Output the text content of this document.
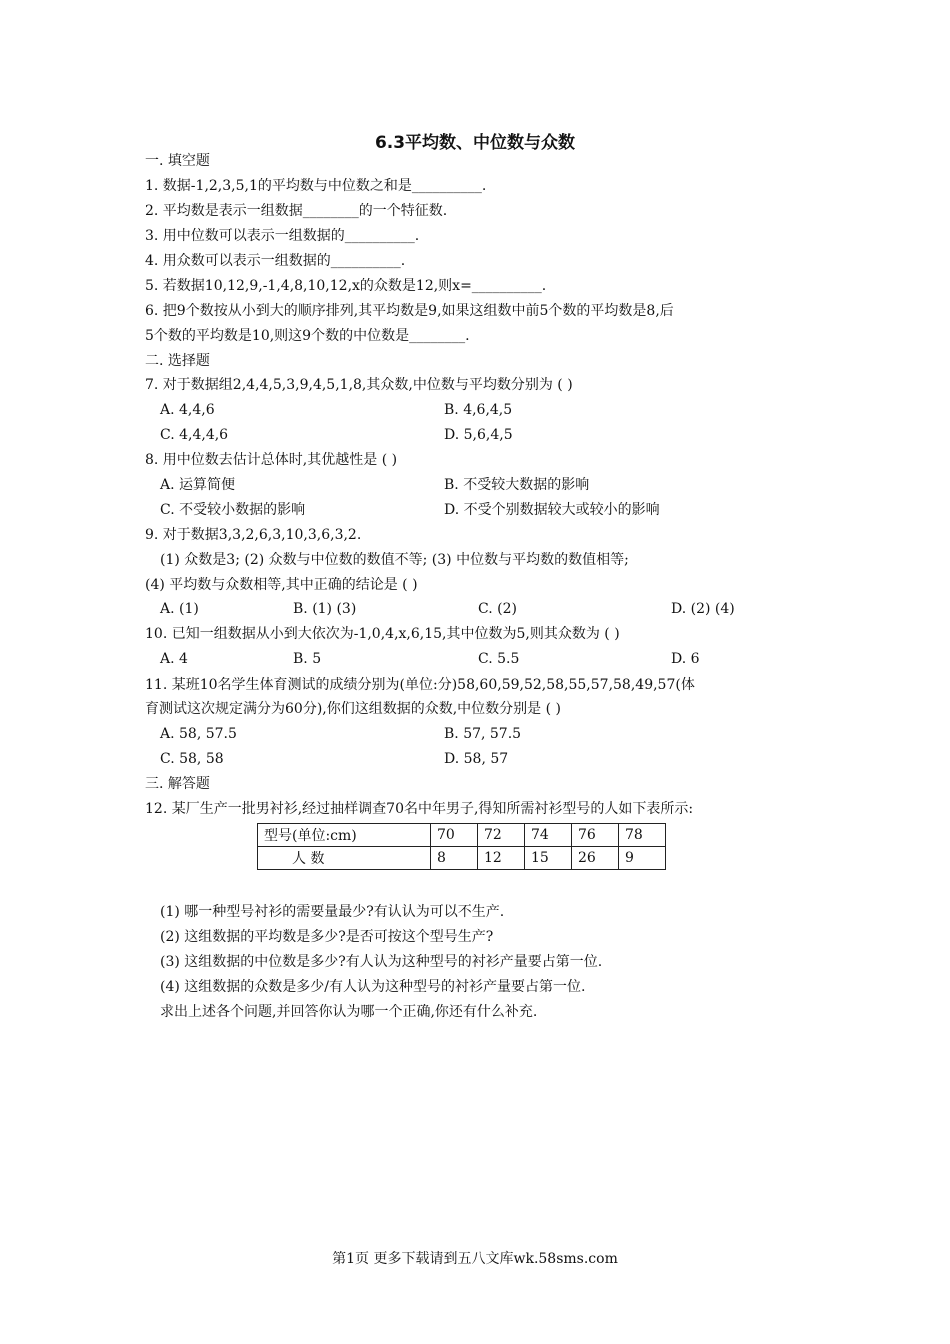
6.3平均数、中位数与众数
一. 填空题
1. 数据-1,2,3,5,1的平均数与中位数之和是__________.
2. 平均数是表示一组数据________的一个特征数.
3. 用中位数可以表示一组数据的__________.
4. 用众数可以表示一组数据的__________.
5. 若数据10,12,9,-1,4,8,10,12,x的众数是12,则x=__________.
6. 把9个数按从小到大的顺序排列,其平均数是9,如果这组数中前5个数的平均数是8,后
5个数的平均数是10,则这9个数的中位数是________.
二. 选择题
7. 对于数据组2,4,4,5,3,9,4,5,1,8,其众数,中位数与平均数分别为 ( )
A. 4,4,6	B. 4,6,4,5
C. 4,4,4,6	D. 5,6,4,5
8. 用中位数去估计总体时,其优越性是 ( )
A. 运算简便	B. 不受较大数据的影响
C. 不受较小数据的影响	D. 不受个别数据较大或较小的影响
9. 对于数据3,3,2,6,3,10,3,6,3,2.
(1) 众数是3; (2) 众数与中位数的数值不等; (3) 中位数与平均数的数值相等;
(4) 平均数与众数相等,其中正确的结论是 ( )
A. (1)	B. (1) (3)	C. (2)	D. (2) (4)
10. 已知一组数据从小到大依次为-1,0,4,x,6,15,其中位数为5,则其众数为 ( )
A. 4	B. 5	C. 5.5	D. 6
11. 某班10名学生体育测试的成绩分别为(单位:分)58,60,59,52,58,55,57,58,49,57(体
育测试这次规定满分为60分),你们这组数据的众数,中位数分别是 ( )
A. 58, 57.5	B. 57, 57.5
C. 58, 58	D. 58, 57
三. 解答题
12. 某厂生产一批男衬衫,经过抽样调查70名中年男子,得知所需衬衫型号的人如下表所示:
型号(单位:cm)	70	72	74	76	78
人 数	8	12	15	26	9
(1) 哪一种型号衬衫的需要量最少?有认认为可以不生产.
(2) 这组数据的平均数是多少?是否可按这个型号生产?
(3) 这组数据的中位数是多少?有人认为这种型号的衬衫产量要占第一位.
(4) 这组数据的众数是多少/有人认为这种型号的衬衫产量要占第一位.
求出上述各个问题,并回答你认为哪一个正确,你还有什么补充.
第1页 更多下载请到五八文库wk.58sms.com
